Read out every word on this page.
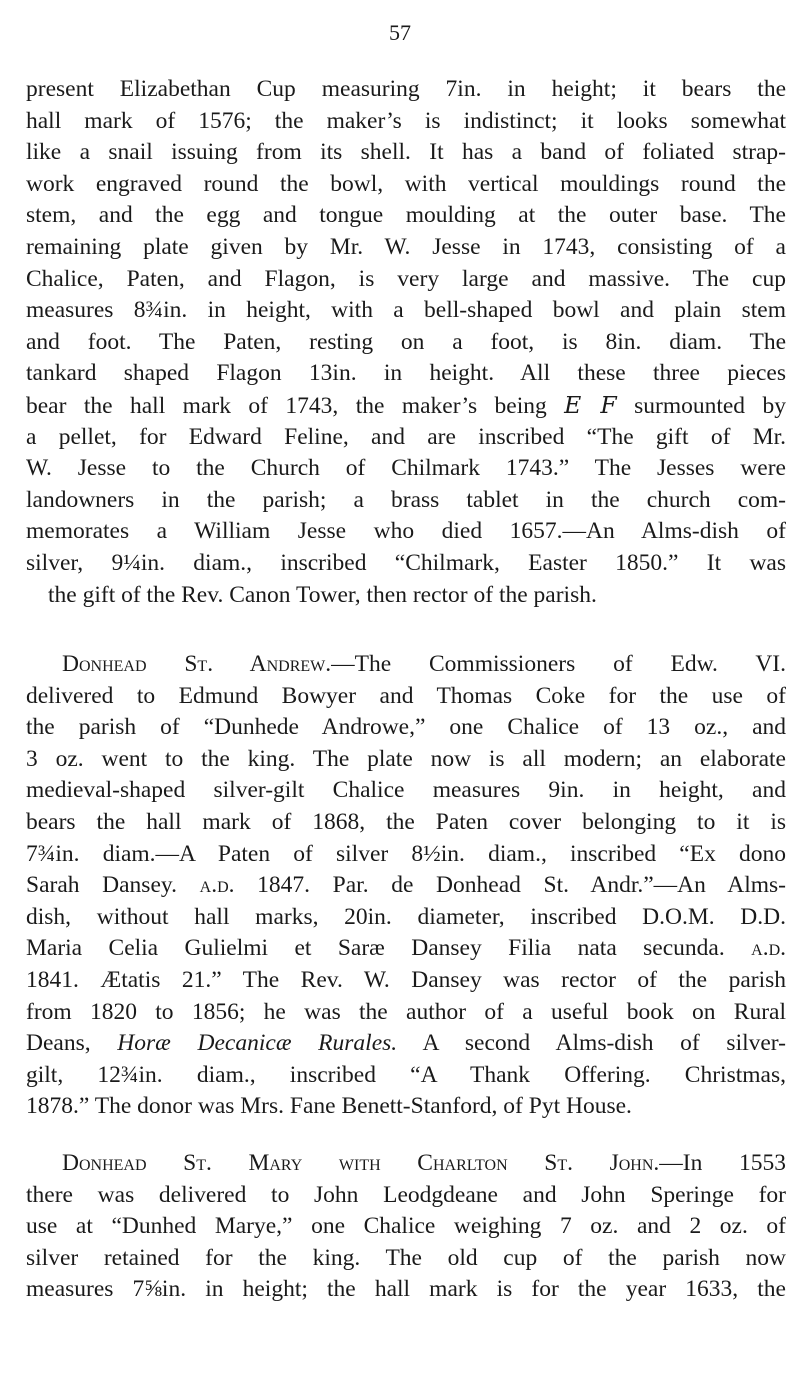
57
present Elizabethan Cup measuring 7in. in height; it bears the
hall mark of 1576; the maker’s is indistinct; it looks somewhat
like a snail issuing from its shell. It has a band of foliated strap-
work engraved round the bowl, with vertical mouldings round the
stem, and the egg and tongue moulding at the outer base. The
remaining plate given by Mr. W. Jesse in 1743, consisting of a
Chalice, Paten, and Flagon, is very large and massive. The cup
measures 8¾in. in height, with a bell-shaped bowl and plain stem
and foot. The Paten, resting on a foot, is 8in. diam. The
tankard shaped Flagon 13in. in height. All these three pieces
bear the hall mark of 1743, the maker’s being E F surmounted by
a pellet, for Edward Feline, and are inscribed “The gift of Mr.
W. Jesse to the Church of Chilmark 1743.” The Jesses were
landowners in the parish; a brass tablet in the church com-
memorates a William Jesse who died 1657.—An Alms-dish of
silver, 9¼in. diam., inscribed “Chilmark, Easter 1850.” It was
the gift of the Rev. Canon Tower, then rector of the parish.
Donhead St. Andrew.—The Commissioners of Edw. VI.
delivered to Edmund Bowyer and Thomas Coke for the use of
the parish of “Dunhede Androwe,” one Chalice of 13 oz., and
3 oz. went to the king. The plate now is all modern; an elaborate
medieval-shaped silver-gilt Chalice measures 9in. in height, and
bears the hall mark of 1868, the Paten cover belonging to it is
7¾in. diam.—A Paten of silver 8½in. diam., inscribed “Ex dono
Sarah Dansey. a.d. 1847. Par. de Donhead St. Andr.”—An Alms-
dish, without hall marks, 20in. diameter, inscribed D.O.M. D.D.
Maria Celia Gulielmi et Saræ Dansey Filia nata secunda. a.d.
1841. Ætatis 21.” The Rev. W. Dansey was rector of the parish
from 1820 to 1856; he was the author of a useful book on Rural
Deans, Horæ Decanicæ Rurales. A second Alms-dish of silver-
gilt, 12¾in. diam., inscribed “A Thank Offering. Christmas,
1878.” The donor was Mrs. Fane Benett-Stanford, of Pyt House.
Donhead St. Mary with Charlton St. John.—In 1553
there was delivered to John Leodgdeane and John Speringe for
use at “Dunhed Marye,” one Chalice weighing 7 oz. and 2 oz. of
silver retained for the king. The old cup of the parish now
measures 7⅝in. in height; the hall mark is for the year 1633, the
